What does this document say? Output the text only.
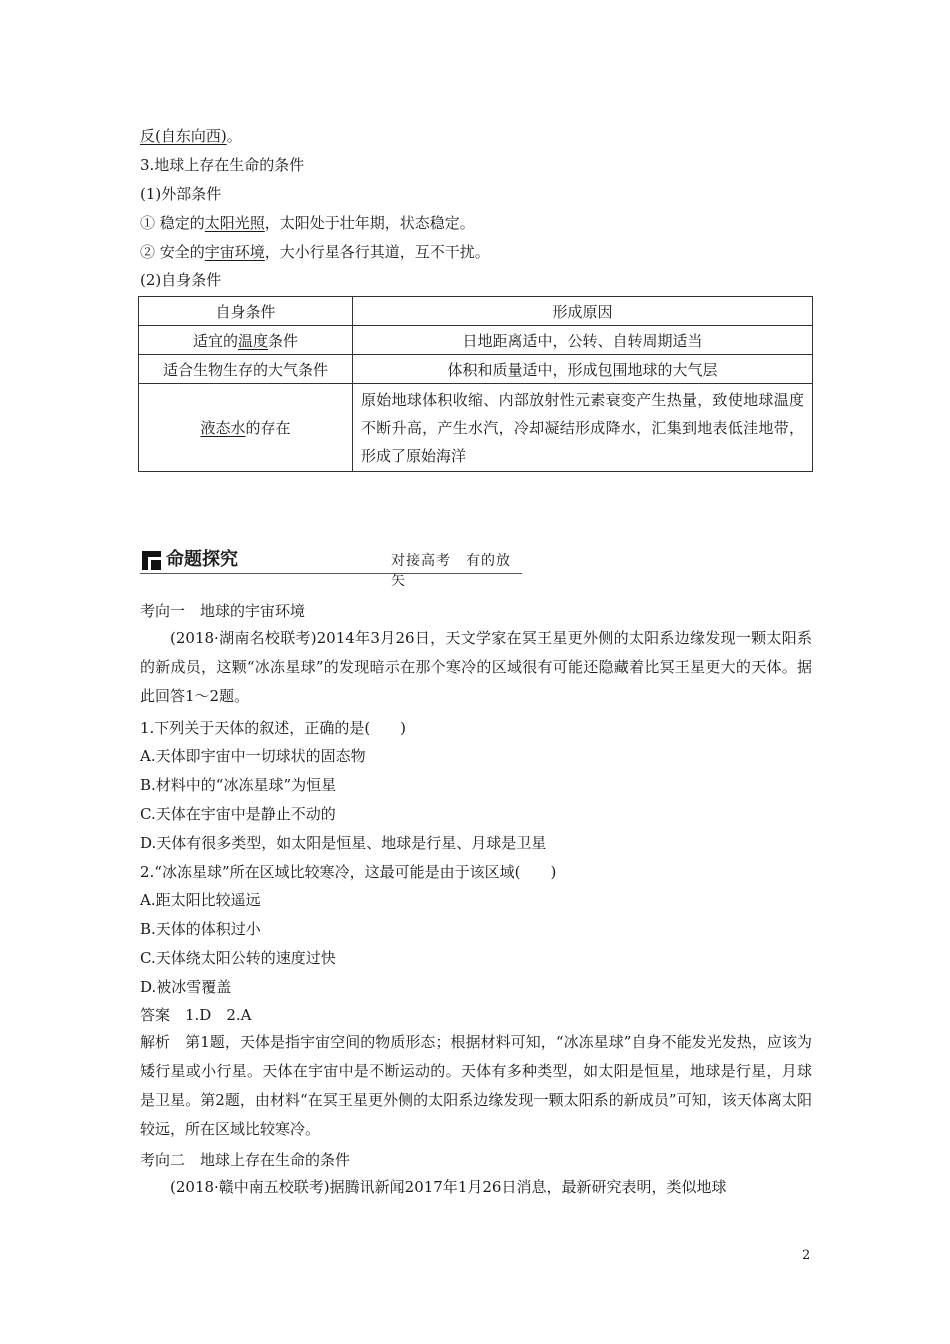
反(自东向西)。
3.地球上存在生命的条件
(1)外部条件
① 稳定的太阳光照，太阳处于壮年期，状态稳定。
② 安全的宇宙环境，大小行星各行其道，互不干扰。
(2)自身条件
自身条件	形成原因
适宜的温度条件	日地距离适中，公转、自转周期适当
适合生物生存的大气条件	体积和质量适中，形成包围地球的大气层
液态水的存在	原始地球体积收缩、内部放射性元素衰变产生热量，致使地球温度不断升高，产生水汽，冷却凝结形成降水，汇集到地表低洼地带，形成了原始海洋
命题探究	对接高考　有的放矢
考向一　地球的宇宙环境
(2018·湖南名校联考)2014年3月26日，天文学家在冥王星更外侧的太阳系边缘发现一颗太阳系的新成员，这颗“冰冻星球”的发现暗示在那个寒冷的区域很有可能还隐藏着比冥王星更大的天体。据此回答1～2题。
1.下列关于天体的叙述，正确的是(　　)
A.天体即宇宙中一切球状的固态物
B.材料中的“冰冻星球”为恒星
C.天体在宇宙中是静止不动的
D.天体有很多类型，如太阳是恒星、地球是行星、月球是卫星
2.“冰冻星球”所在区域比较寒冷，这最可能是由于该区域(　　)
A.距太阳比较遥远
B.天体的体积过小
C.天体绕太阳公转的速度过快
D.被冰雪覆盖
答案　1.D　2.A
解析　第1题，天体是指宇宙空间的物质形态；根据材料可知，“冰冻星球”自身不能发光发热，应该为矮行星或小行星。天体在宇宙中是不断运动的。天体有多种类型，如太阳是恒星，地球是行星，月球是卫星。第2题，由材料“在冥王星更外侧的太阳系边缘发现一颗太阳系的新成员”可知，该天体离太阳较远，所在区域比较寒冷。
考向二　地球上存在生命的条件
(2018·赣中南五校联考)据腾讯新闻2017年1月26日消息，最新研究表明，类似地球
2
